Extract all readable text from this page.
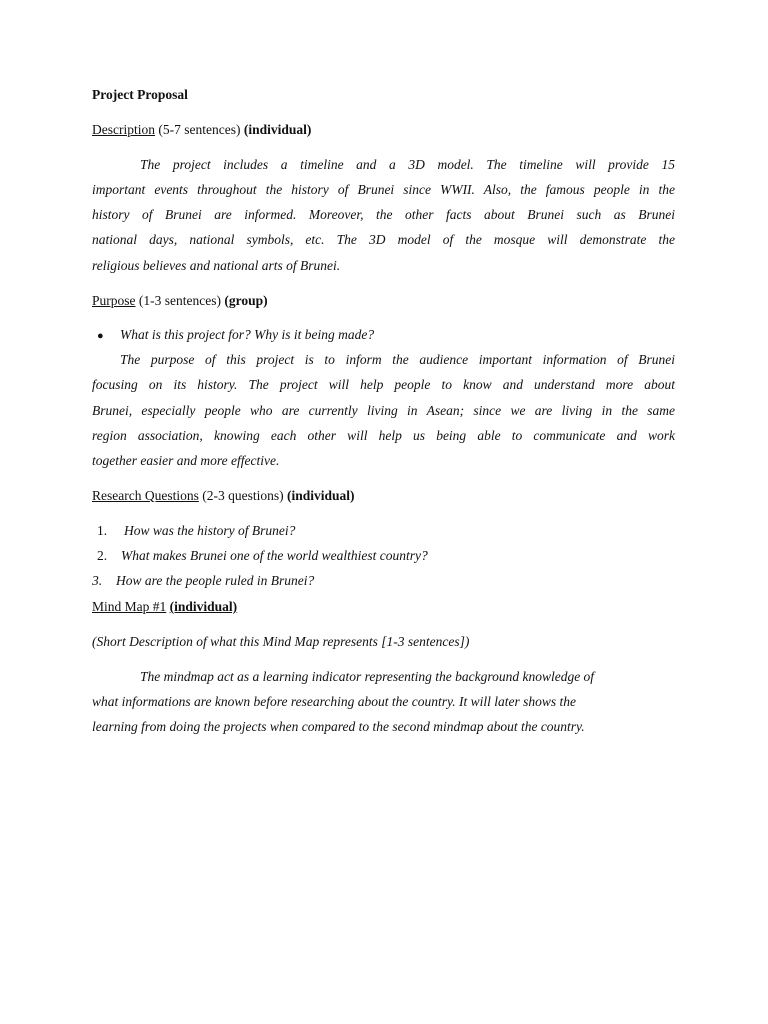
Project Proposal
Description (5-7 sentences) (individual)
The project includes a timeline and a 3D model. The timeline will provide 15
important events throughout the history of Brunei since WWII. Also, the famous people in the
history of Brunei are informed. Moreover, the other facts about Brunei such as Brunei
national days, national symbols, etc. The 3D model of the mosque will demonstrate the
religious believes and national arts of Brunei.
Purpose (1-3 sentences) (group)
● What is this project for? Why is it being made?
The purpose of this project is to inform the audience important information of Brunei
focusing on its history. The project will help people to know and understand more about
Brunei, especially people who are currently living in Asean; since we are living in the same
region association, knowing each other will help us being able to communicate and work
together easier and more effective.
Research Questions (2-3 questions) (individual)
1. How was the history of Brunei?
2. What makes Brunei one of the world wealthiest country?
3. How are the people ruled in Brunei?
Mind Map #1 (individual)
(Short Description of what this Mind Map represents [1-3 sentences])
The mindmap act as a learning indicator representing the background knowledge of
what informations are known before researching about the country. It will later shows the
learning from doing the projects when compared to the second mindmap about the country.
